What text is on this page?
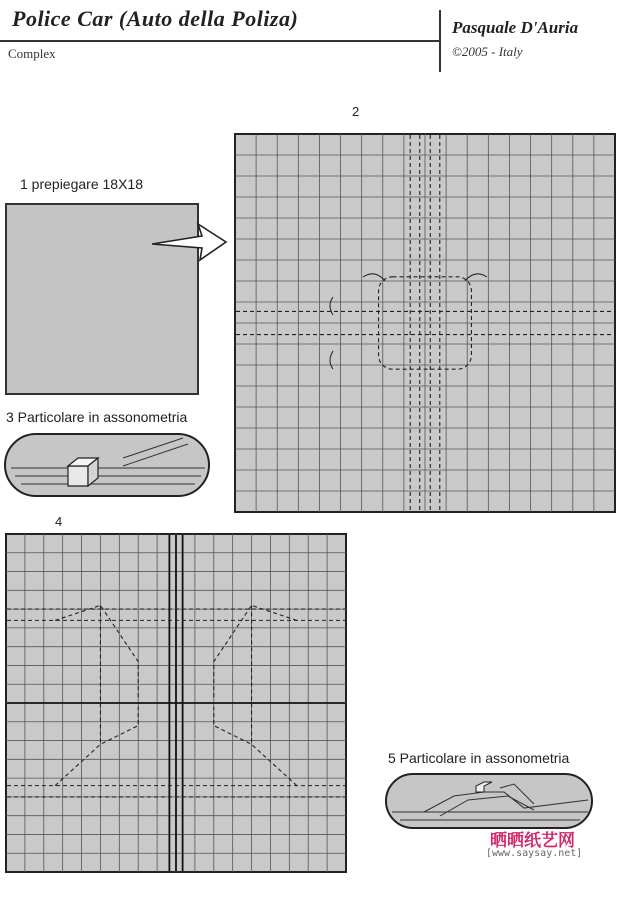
Police Car (Auto della Poliza)
Complex
Pasquale D'Auria
©2005 - Italy
1 prepiegare 18X18
2
3 Particolare in assonometria
4
5 Particolare in assonometria
晒晒纸艺网
[www.saysay.net]
